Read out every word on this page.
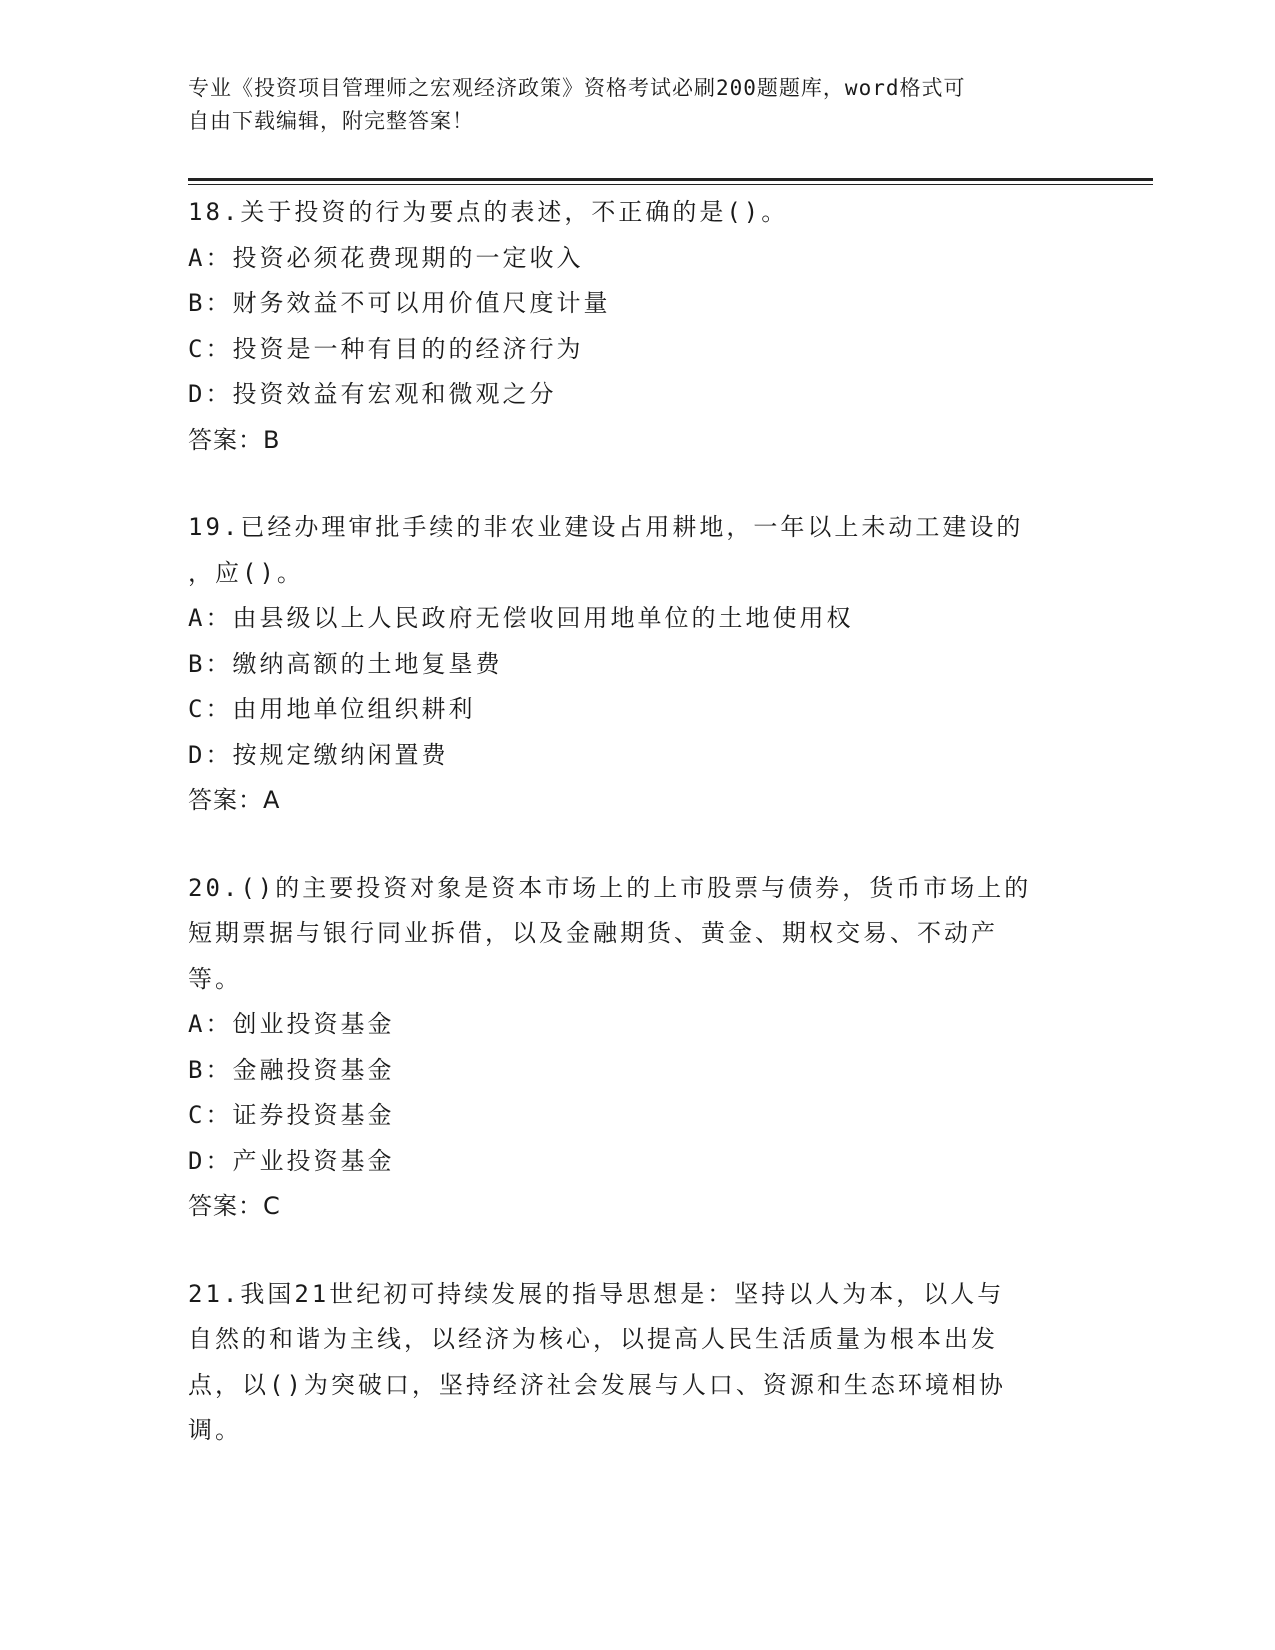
专业《投资项目管理师之宏观经济政策》资格考试必刷200题题库，word格式可
自由下载编辑，附完整答案！
18.关于投资的行为要点的表述，不正确的是()。
A：投资必须花费现期的一定收入
B：财务效益不可以用价值尺度计量
C：投资是一种有目的的经济行为
D：投资效益有宏观和微观之分
答案：B
19.已经办理审批手续的非农业建设占用耕地，一年以上未动工建设的
，应()。
A：由县级以上人民政府无偿收回用地单位的土地使用权
B：缴纳高额的土地复垦费
C：由用地单位组织耕利
D：按规定缴纳闲置费
答案：A
20.()的主要投资对象是资本市场上的上市股票与债券，货币市场上的
短期票据与银行同业拆借，以及金融期货、黄金、期权交易、不动产
等。
A：创业投资基金
B：金融投资基金
C：证券投资基金
D：产业投资基金
答案：C
21.我国21世纪初可持续发展的指导思想是：坚持以人为本，以人与
自然的和谐为主线，以经济为核心，以提高人民生活质量为根本出发
点，以()为突破口，坚持经济社会发展与人口、资源和生态环境相协
调。
